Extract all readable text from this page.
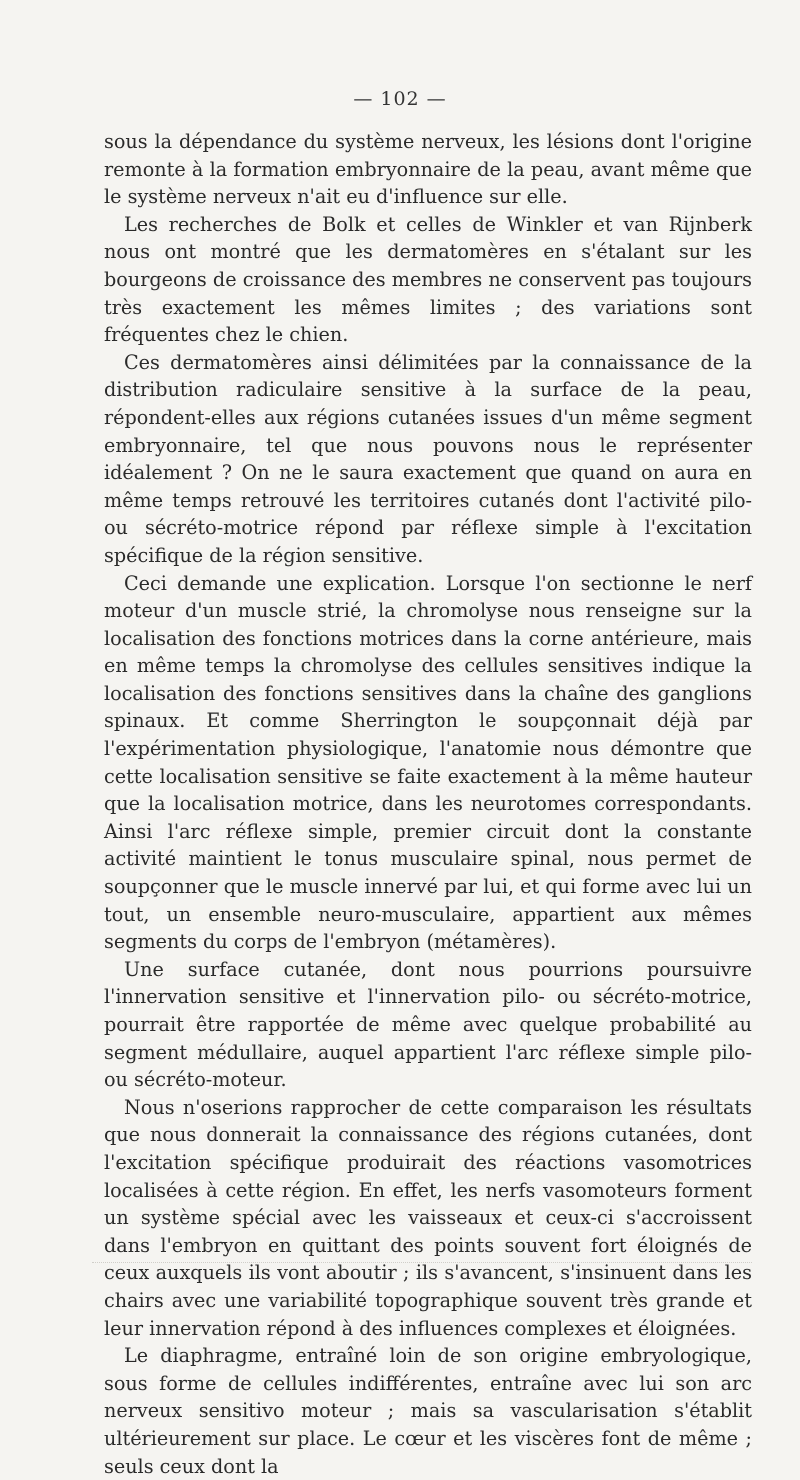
— 102 —

sous la dépendance du système nerveux, les lésions dont l'origine remonte à la formation embryonnaire de la peau, avant même que le système nerveux n'ait eu d'influence sur elle.

Les recherches de Bolk et celles de Winkler et van Rijnberk nous ont montré que les dermatomères en s'étalant sur les bourgeons de croissance des membres ne conservent pas toujours très exactement les mêmes limites ; des variations sont fréquentes chez le chien.

Ces dermatomères ainsi délimitées par la connaissance de la distribution radiculaire sensitive à la surface de la peau, répondent-elles aux régions cutanées issues d'un même segment embryonnaire, tel que nous pouvons nous le représenter idéalement ? On ne le saura exactement que quand on aura en même temps retrouvé les territoires cutanés dont l'activité pilo- ou sécréto-motrice répond par réflexe simple à l'excitation spécifique de la région sensitive.

Ceci demande une explication. Lorsque l'on sectionne le nerf moteur d'un muscle strié, la chromolyse nous renseigne sur la localisation des fonctions motrices dans la corne antérieure, mais en même temps la chromolyse des cellules sensitives indique la localisation des fonctions sensitives dans la chaîne des ganglions spinaux. Et comme Sherrington le soupçonnait déjà par l'expérimentation physiologique, l'anatomie nous démontre que cette localisation sensitive se faite exactement à la même hauteur que la localisation motrice, dans les neurotomes correspondants. Ainsi l'arc réflexe simple, premier circuit dont la constante activité maintient le tonus musculaire spinal, nous permet de soupçonner que le muscle innervé par lui, et qui forme avec lui un tout, un ensemble neuro-musculaire, appartient aux mêmes segments du corps de l'embryon (métamères).

Une surface cutanée, dont nous pourrions poursuivre l'innervation sensitive et l'innervation pilo- ou sécréto-motrice, pourrait être rapportée de même avec quelque probabilité au segment médullaire, auquel appartient l'arc réflexe simple pilo- ou sécréto-moteur.

Nous n'oserions rapprocher de cette comparaison les résultats que nous donnerait la connaissance des régions cutanées, dont l'excitation spécifique produirait des réactions vasomotrices localisées à cette région. En effet, les nerfs vasomoteurs forment un système spécial avec les vaisseaux et ceux-ci s'accroissent dans l'embryon en quittant des points souvent fort éloignés de ceux auxquels ils vont aboutir ; ils s'avancent, s'insinuent dans les chairs avec une variabilité topographique souvent très grande et leur innervation répond à des influences complexes et éloignées.

Le diaphragme, entraîné loin de son origine embryologique, sous forme de cellules indifférentes, entraîne avec lui son arc nerveux sensitivo moteur ; mais sa vascularisation s'établit ultérieurement sur place. Le cœur et les viscères font de même ; seuls ceux dont la
